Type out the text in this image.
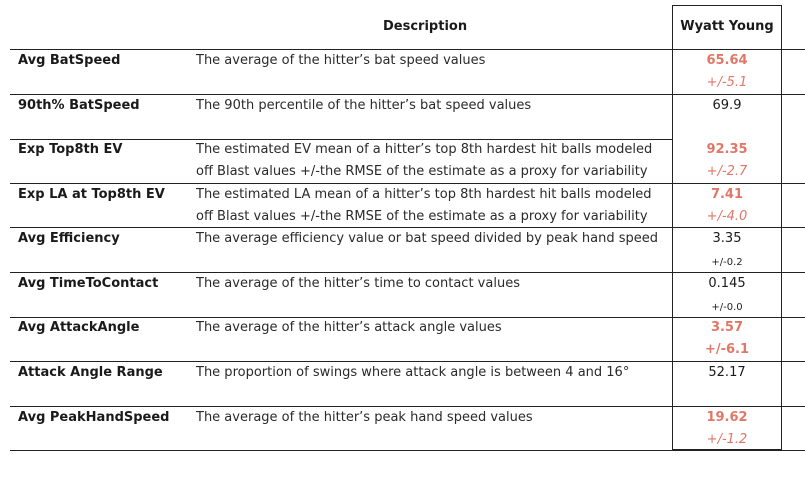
Description	Wyatt Young
Avg BatSpeed	The average of the hitter’s bat speed values	65.64
+/-5.1
90th% BatSpeed	The 90th percentile of the hitter’s bat speed values	69.9
Exp Top8th EV	The estimated EV mean of a hitter’s top 8th hardest hit balls modeled
off Blast values +/-the RMSE of the estimate as a proxy for variability
92.35
+/-2.7
Exp LA at Top8th EV The estimated LA mean of a hitter’s top 8th hardest hit balls modeled
off Blast values +/-the RMSE of the estimate as a proxy for variability
7.41
+/-4.0
Avg Efficiency	The average efficiency value or bat speed divided by peak hand speed	3.35
+/-0.2
Avg TimeToContact	The average of the hitter’s time to contact values	0.145
+/-0.0
Avg AttackAngle	The average of the hitter’s attack angle values	3.57
+/-6.1
Attack Angle Range	The proportion of swings where attack angle is between 4 and 16°	52.17
Avg PeakHandSpeed The average of the hitter’s peak hand speed values	19.62
+/-1.2
